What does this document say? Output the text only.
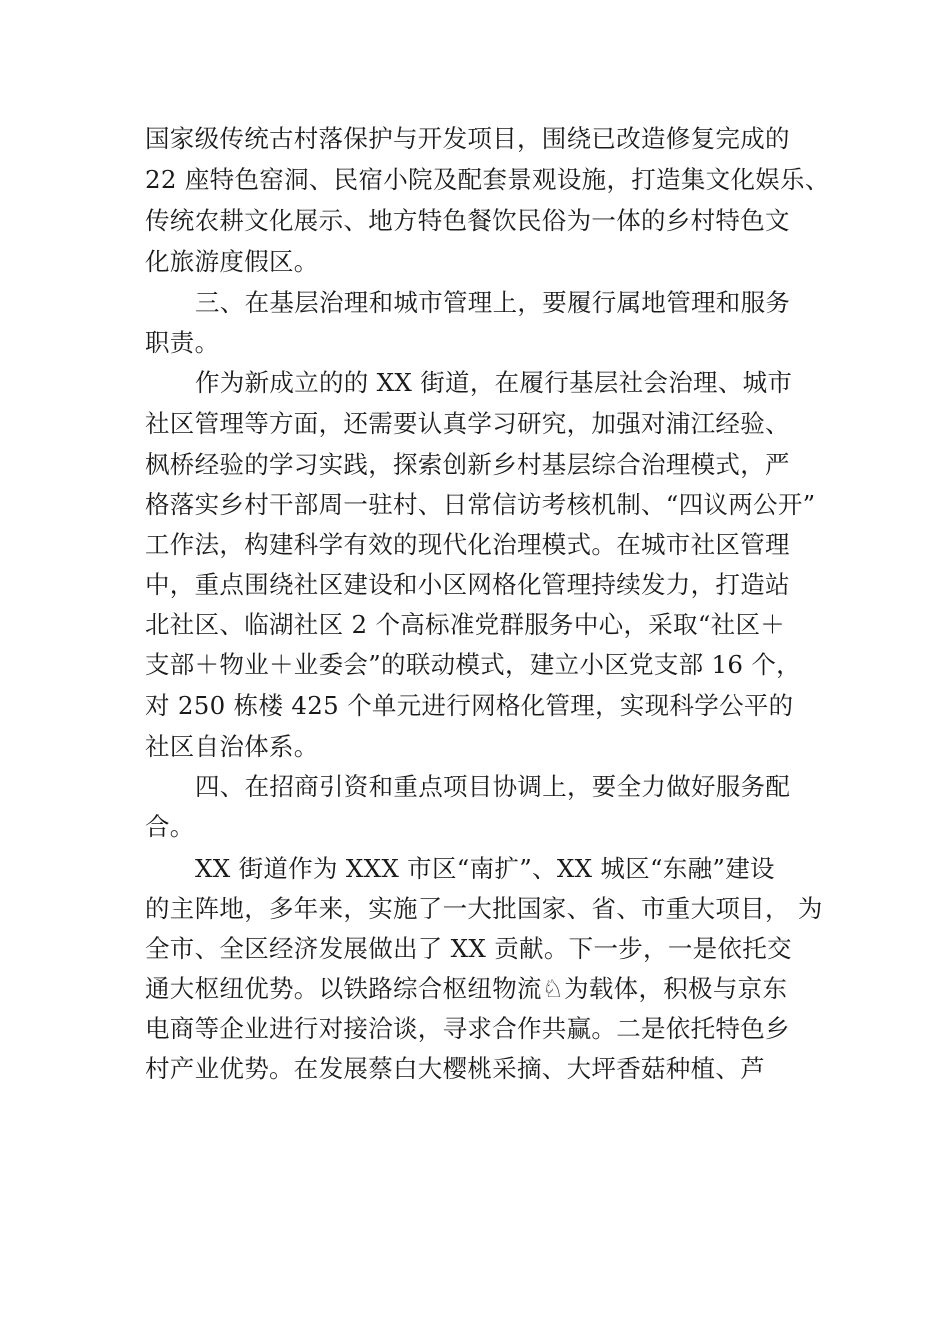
国家级传统古村落保护与开发项目，围绕已改造修复完成的
22 座特色窑洞、民宿小院及配套景观设施，打造集文化娱乐、
传统农耕文化展示、地方特色餐饮民俗为一体的乡村特色文
化旅游度假区。
三、在基层治理和城市管理上，要履行属地管理和服务
职责。
作为新成立的的 XX 街道，在履行基层社会治理、城市
社区管理等方面，还需要认真学习研究，加强对浦江经验、
枫桥经验的学习实践，探索创新乡村基层综合治理模式，严
格落实乡村干部周一驻村、日常信访考核机制、“四议两公开”
工作法，构建科学有效的现代化治理模式。在城市社区管理
中，重点围绕社区建设和小区网格化管理持续发力，打造站
北社区、临湖社区 2 个高标准党群服务中心，采取“社区＋
支部＋物业＋业委会”的联动模式，建立小区党支部 16 个，
对 250 栋楼 425 个单元进行网格化管理，实现科学公平的
社区自治体系。
四、在招商引资和重点项目协调上，要全力做好服务配
合。
XX 街道作为 XXX 市区“南扩”、XX 城区“东融”建设
的主阵地，多年来，实施了一大批国家、省、市重大项目， 为
全市、全区经济发展做出了 XX 贡献。下一步，一是依托交
通大枢纽优势。以铁路综合枢纽物流♘为载体，积极与京东
电商等企业进行对接洽谈，寻求合作共赢。二是依托特色乡
村产业优势。在发展蔡白大樱桃采摘、大坪香菇种植、芦
